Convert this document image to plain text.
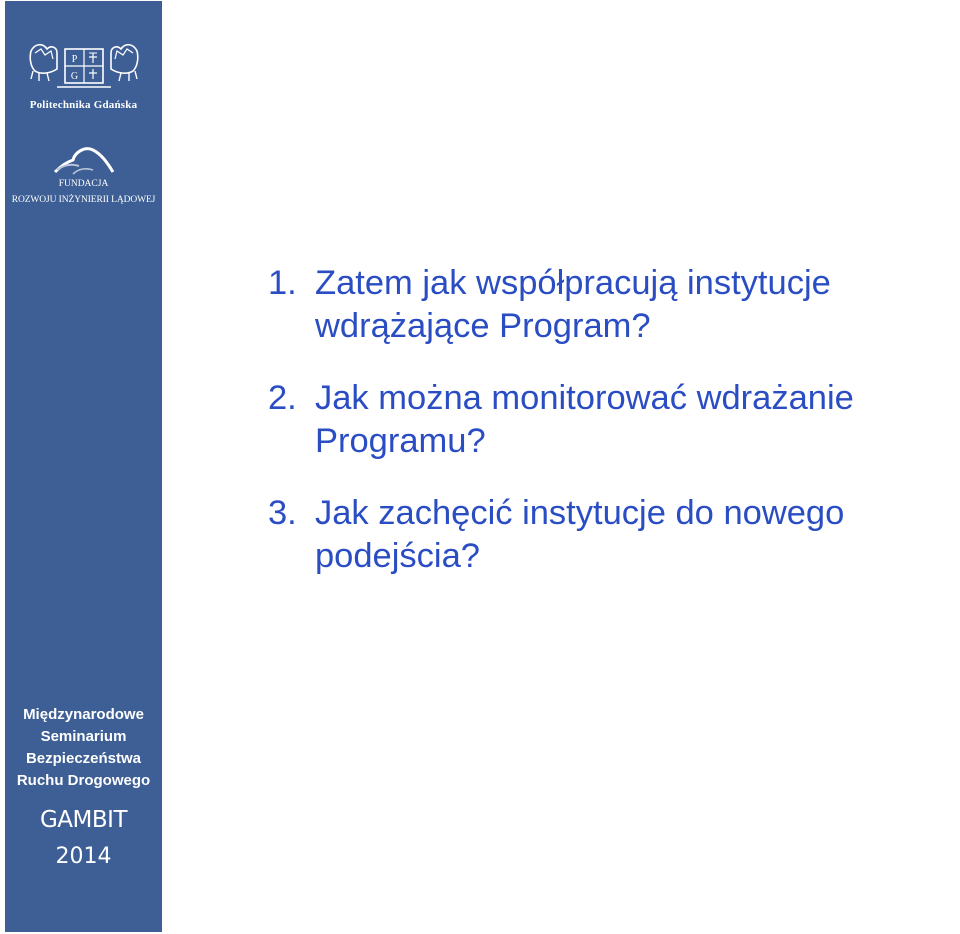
P
G
Politechnika Gdańska
FUNDACJA
ROZWOJU INŻYNIERII LĄDOWEJ
Międzynarodowe
Seminarium
Bezpieczeństwa
Ruchu Drogowego
GAMBIT
2014
1. Zatem jak współpracują instytucje
wdrążające Program?
2. Jak można monitorować wdrażanie
Programu?
3. Jak zachęcić instytucje do nowego
podejścia?
